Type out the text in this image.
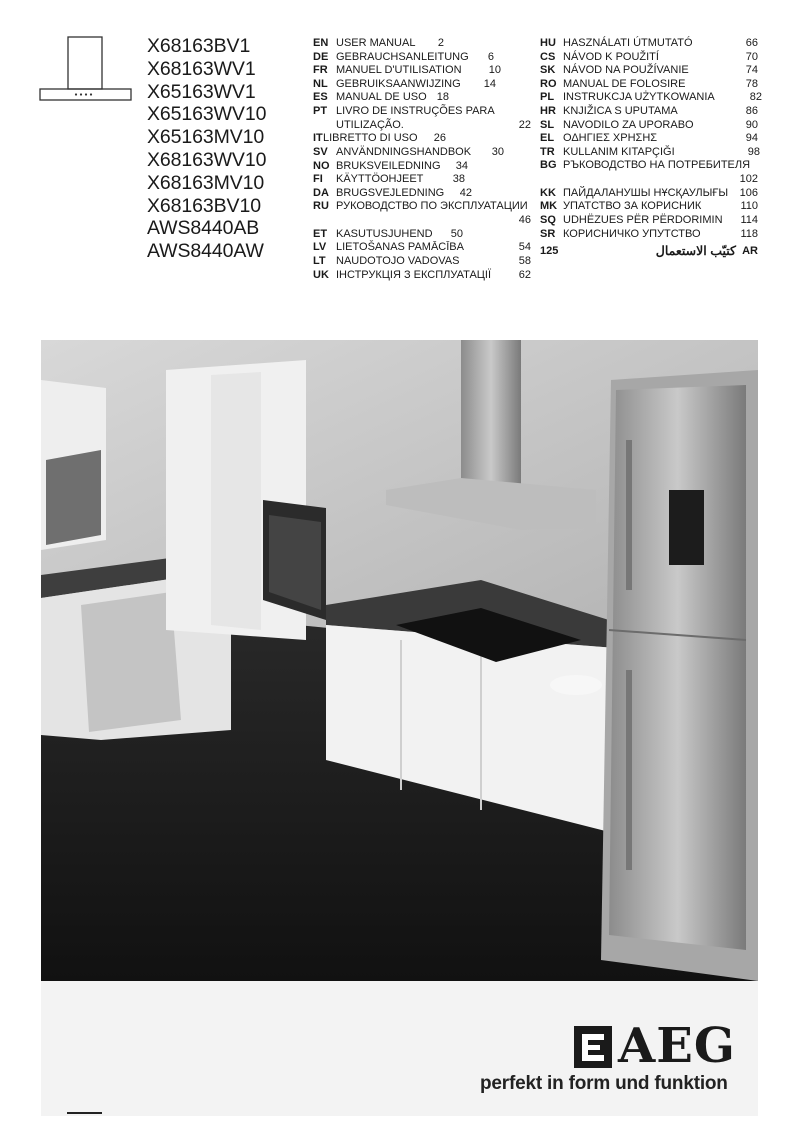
X68163BV1
X68163WV1
X65163WV1
X65163WV10
X65163MV10
X68163WV10
X68163MV10
X68163BV10
AWS8440AB
AWS8440AW
EN USER MANUAL 2
DE GEBRAUCHSANLEITUNG 6
FR MANUEL D'UTILISATION 10
NL GEBRUIKSAANWIJZING 14
ES MANUAL DE USO 18
PT LIVRO DE INSTRUÇÕES PARA UTILIZAÇÃO.	22
IT LIBRETTO DI USO 26
SV ANVÄNDNINGSHANDBOK 30
NO BRUKSVEILEDNING 34
FI	KÄYTTÖOHJEET	38
DA BRUGSVEJLEDNING 42
RU РУКОВОДСТВО ПО ЭКСПЛУАТАЦИИ
46
ET KASUTUSJUHEND 50
LV LIETOŠANAS PAMĀCĪBA	54
LT NAUDOTOJO VADOVAS	58
UK ІНСТРУКЦІЯ З ЕКСПЛУАТАЦІЇ	62
HU HASZNÁLATI ÚTMUTATÓ	66
CS NÁVOD K POUŽITÍ	70
SK NÁVOD NA POUŽÍVANIE	74
RO MANUAL DE FOLOSIRE	78
PL INSTRUKCJA UŻYTKOWANIA	82
HR KNJIŽICA S UPUTAMA	86
SL NAVODILO ZA UPORABO	90
EL ΟΔΗΓΙΕΣ ΧΡΗΣΗΣ	94
TR KULLANIM KITAPÇIĞI	98
BG РЪКОВОДСТВО НА ПОТРЕБИТЕЛЯ
102
KK ПАЙДАЛАНУШЫ НҰСҚАУЛЫҒЫ 106
MK УПАТСТВО ЗА КОРИСНИК	110
SQ UDHËZUES PËR PËRDORIMIN 114
SR КОРИСНИЧКО УПУТСТВО	118
125	كتيّب الاستعمال AR
AEG
perfekt in form und funktion
